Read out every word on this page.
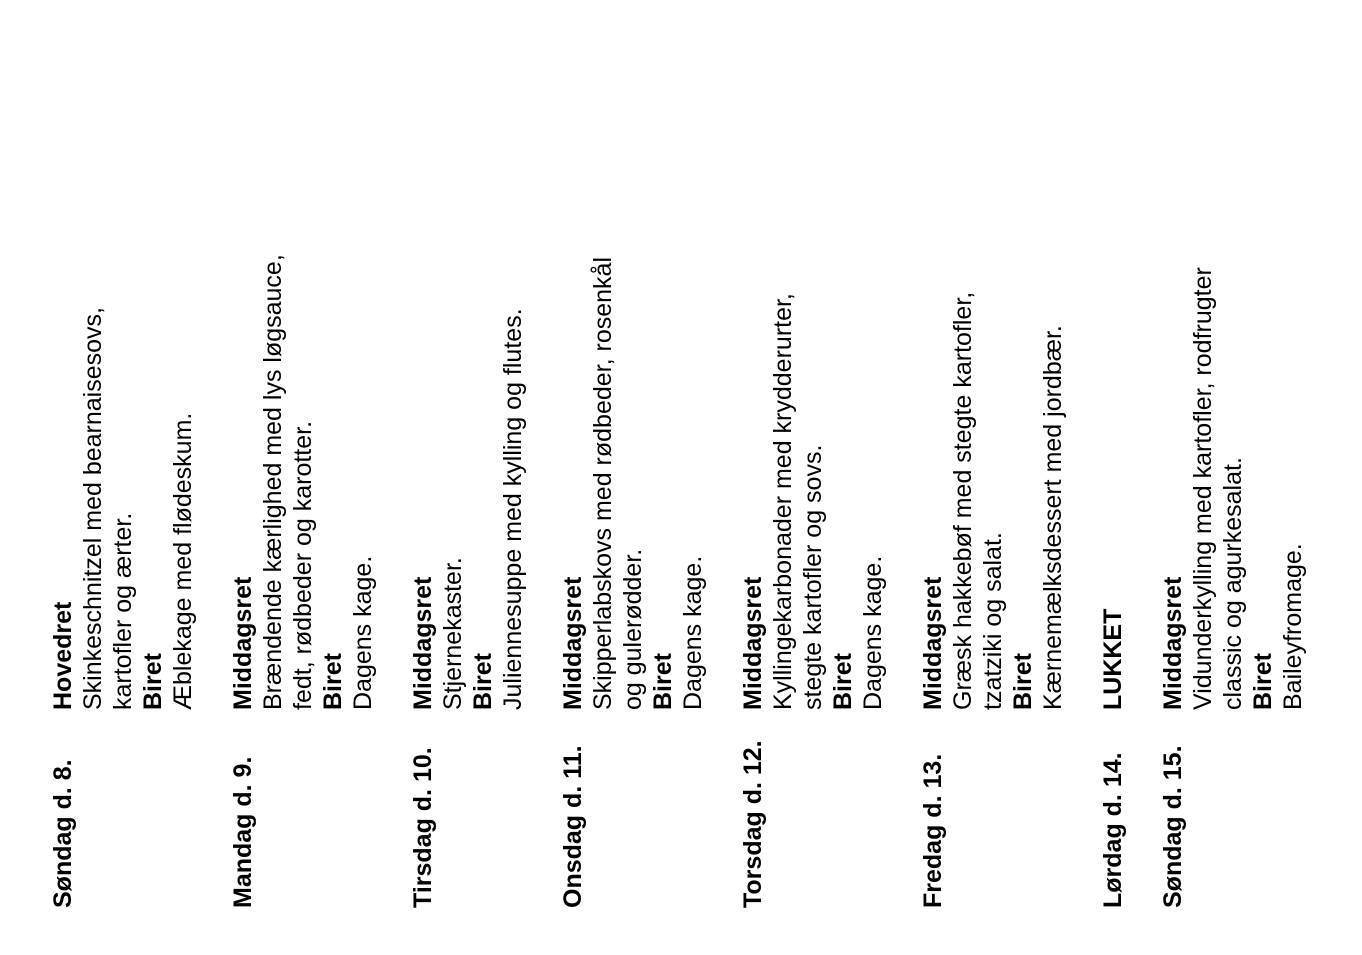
Søndag d. 8.
Hovedret Skinkeschnitzel med bearnaisesovs, kartofler og ærter. Biret Æblekage med flødeskum.
Mandag d. 9.
Middagsret Brændende kærlighed med lys løgsauce, fedt, rødbeder og karotter. Biret Dagens kage.
Tirsdag d. 10.
Middagsret Stjernekaster. Biret Juliennesuppe med kylling og flutes.
Onsdag d. 11.
Middagsret Skipperlabskovs med rødbeder, rosenkål og gulerødder. Biret Dagens kage.
Torsdag d. 12.
Middagsret Kyllingekarbonader med krydderurter, stegte kartofler og sovs. Biret Dagens kage.
Fredag d. 13.
Middagsret Græsk hakkebøf med stegte kartofler, tzatziki og salat. Biret Kærnemælksdessert med jordbær.
Lørdag d. 14.
LUKKET
Søndag d. 15.
Middagsret Vidunderkylling med kartofler, rodfrugter classic og agurkesalat. Biret Baileyfromage.
